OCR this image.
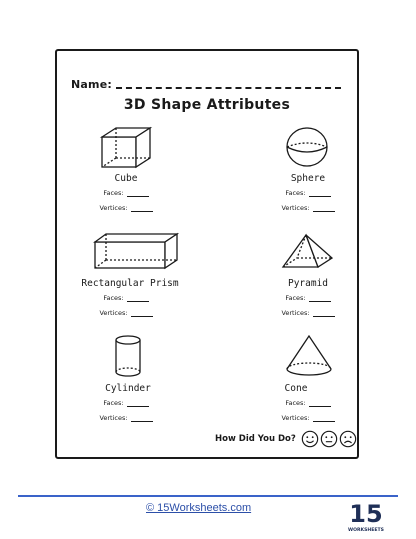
Name:
3D Shape Attributes
Cube
Faces:
Vertices:
Sphere
Faces:
Vertices:
Rectangular Prism
Faces:
Vertices:
Pyramid
Faces:
Vertices:
Cylinder
Faces:
Vertices:
Cone
Faces:
Vertices:
How Did You Do?
© 15Worksheets.com	15
WORKSHEETS
